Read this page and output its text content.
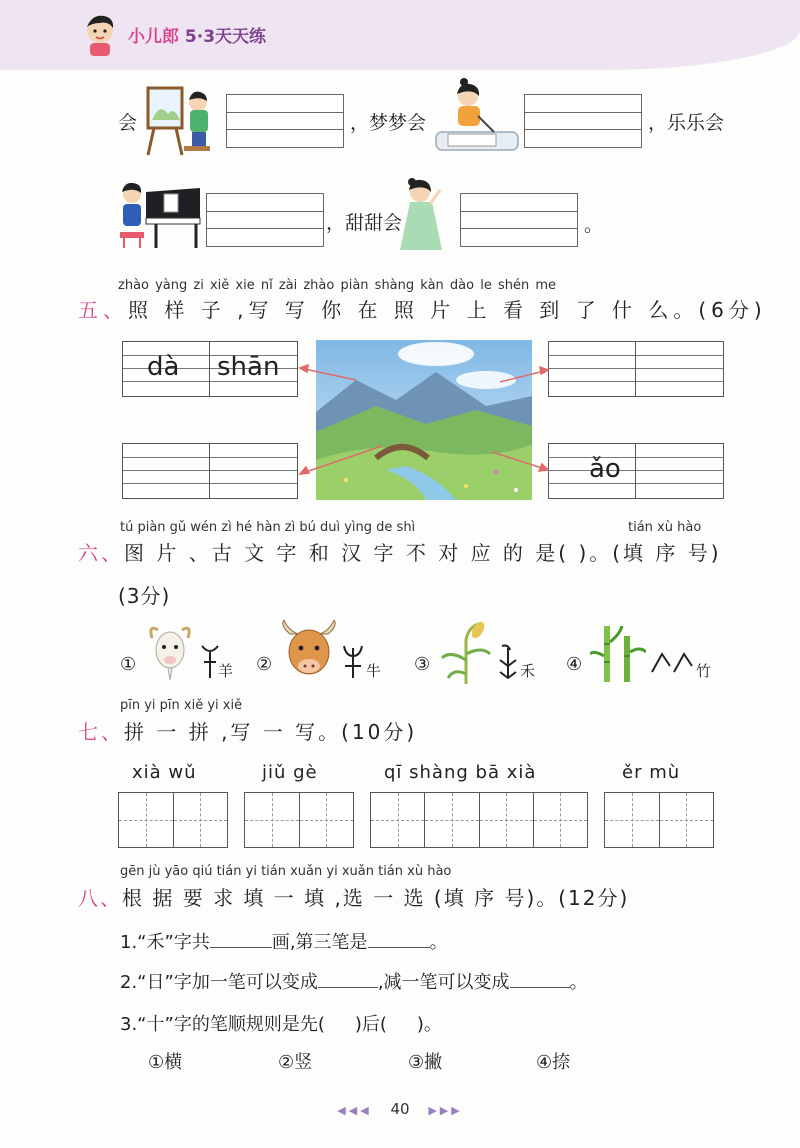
小儿郎 5·3天天练
会	，梦梦会	，乐乐会
，甜甜会	。
zhào yàng zi xiě xie nǐ zài zhào piàn shàng kàn dào le shén me
五、照 样 子 ,写 写 你 在 照 片 上 看 到 了 什 么。(6分)
dà shān
ǎo
tú piàn gǔ wén zì hé hàn zì bú duì yìng de shì	tián xù hào
六、图 片 、古 文 字 和 汉 字 不 对 应 的 是( )。(填 序 号)
(3分)
①	羊 ②	牛 ③	禾 ④	竹
pīn yi pīn xiě yi xiě
七、拼 一 拼 ,写 一 写。(10分)
xià wǔ	jiǔ gè	qī shàng bā xià	ěr mù
gēn jù yāo qiú tián yi tián xuǎn yi xuǎn tián xù hào
八、根 据 要 求 填 一 填 ,选 一 选 (填 序 号)。(12分)
1.“禾”字共	画,第三笔是	。
2.“日”字加一笔可以变成	,减一笔可以变成	。
3.“十”字的笔顺规则是先( )后( )。
①横	②竖	③撇	④捺
◀◀◀ 40 ▶▶▶
